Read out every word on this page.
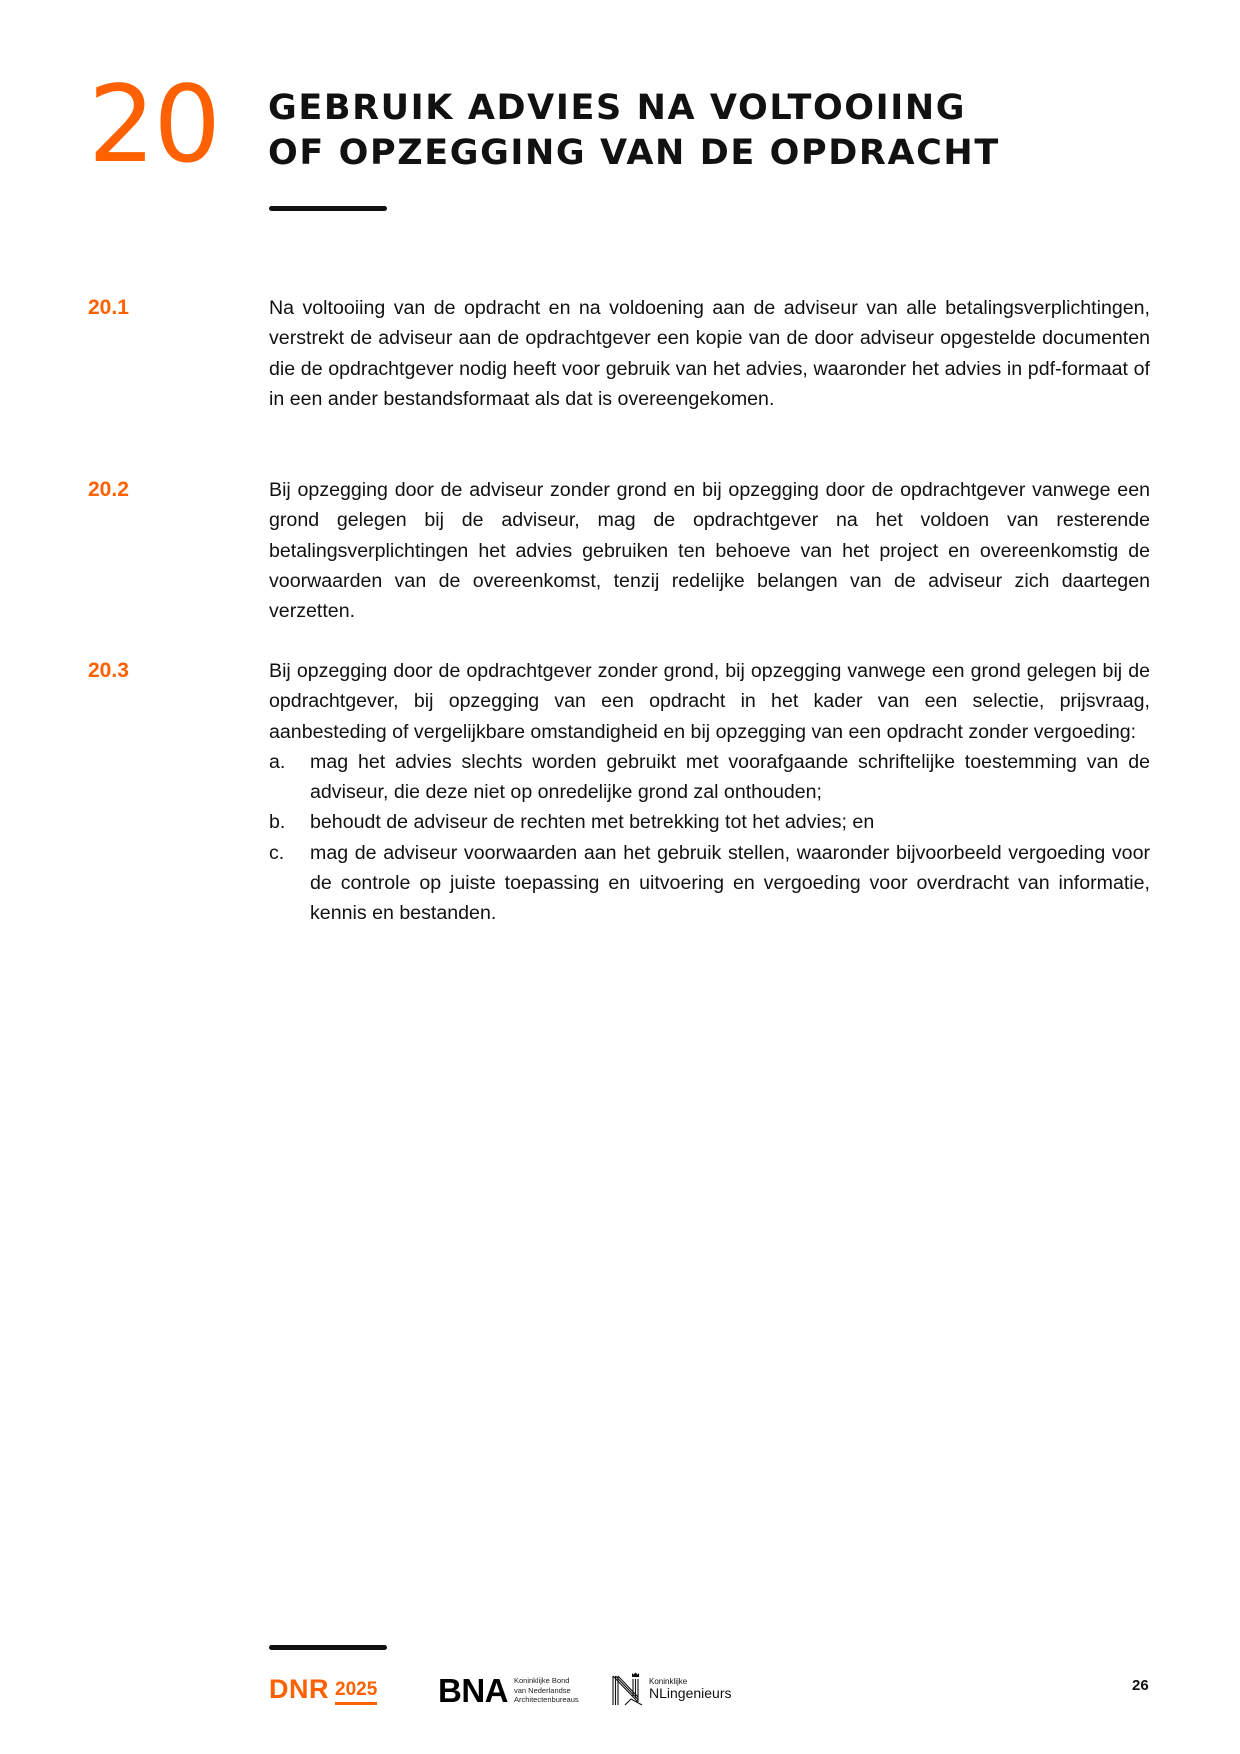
20 GEBRUIK ADVIES NA VOLTOOIING
OF OPZEGGING VAN DE OPDRACHT
20.1	Na voltooiing van de opdracht en na voldoening aan de adviseur van alle betalingsverplichtingen, verstrekt de adviseur aan de opdrachtgever een kopie van de door adviseur opgestelde documenten die de opdrachtgever nodig heeft voor gebruik van het advies, waaronder het advies in pdf-formaat of in een ander bestandsformaat als dat is overeengekomen.

20.2	Bij opzegging door de adviseur zonder grond en bij opzegging door de opdrachtgever vanwege een grond gelegen bij de adviseur, mag de opdrachtgever na het voldoen van resterende betalingsverplichtingen het advies gebruiken ten behoeve van het project en overeenkomstig de voorwaarden van de overeenkomst, tenzij redelijke belangen van de adviseur zich daartegen verzetten.

20.3	Bij opzegging door de opdrachtgever zonder grond, bij opzegging vanwege een grond gelegen bij de opdrachtgever, bij opzegging van een opdracht in het kader van een selectie, prijsvraag, aanbesteding of vergelijkbare omstandigheid en bij opzegging van een opdracht zonder vergoeding:

a. mag het advies slechts worden gebruikt met voorafgaande schriftelijke toestemming van de adviseur, die deze niet op onredelijke grond zal onthouden;
b. behoudt de adviseur de rechten met betrekking tot het advies; en
c. mag de adviseur voorwaarden aan het gebruik stellen, waaronder bijvoorbeeld vergoeding voor de controle op juiste toepassing en uitvoering en vergoeding voor overdracht van informatie, kennis en bestanden.
DNR 2025 BNA Koninklijke Bond
van Nederlandse
Architectenbureaus
Koninklijke
NLingenieurs	26
